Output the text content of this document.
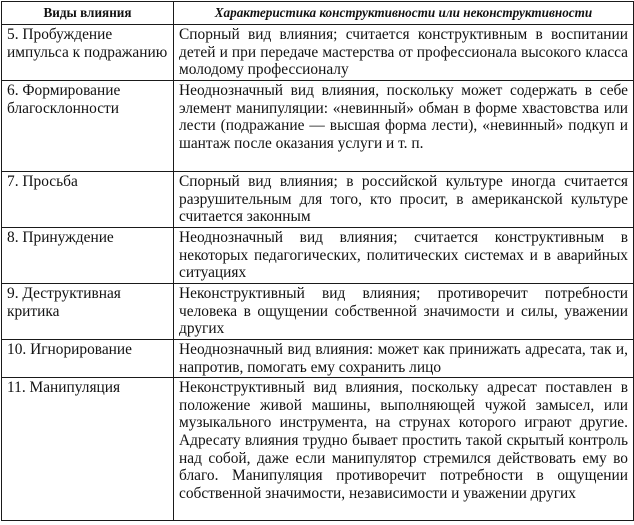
Виды влияния	Характеристика конструктивности или неконструктивности
5. Пробуждение импульса к подражанию	Спорный вид влияния; считается конструктивным в воспитании детей и при передаче мастерства от профессионала высокого класса молодому профессионалу
6. Формирование благосклонности	Неоднозначный вид влияния, поскольку может содержать в себе элемент манипуляции: «невинный» обман в форме хвастовства или лести (подражание — высшая форма лести), «невинный» подкуп и шантаж после оказания услуги и т. п.
7. Просьба	Спорный вид влияния; в российской культуре иногда считается разрушительным для того, кто просит, в американской культуре считается законным
8. Принуждение	Неоднозначный вид влияния; считается конструктивным в некоторых педагогических, политических системах и в аварийных ситуациях
9. Деструктивная критика	Неконструктивный вид влияния; противоречит потребности человека в ощущении собственной значимости и силы, уважении других
10. Игнорирование	Неоднозначный вид влияния: может как принижать адресата, так и, напротив, помогать ему сохранить лицо
11. Манипуляция	Неконструктивный вид влияния, поскольку адресат поставлен в положение живой машины, выполняющей чужой замысел, или музыкального инструмента, на струнах которого играют другие. Адресату влияния трудно бывает простить такой скрытый контроль над собой, даже если манипулятор стремился действовать ему во благо. Манипуляция противоречит потребности в ощущении собственной значимости, независимости и уважении других
